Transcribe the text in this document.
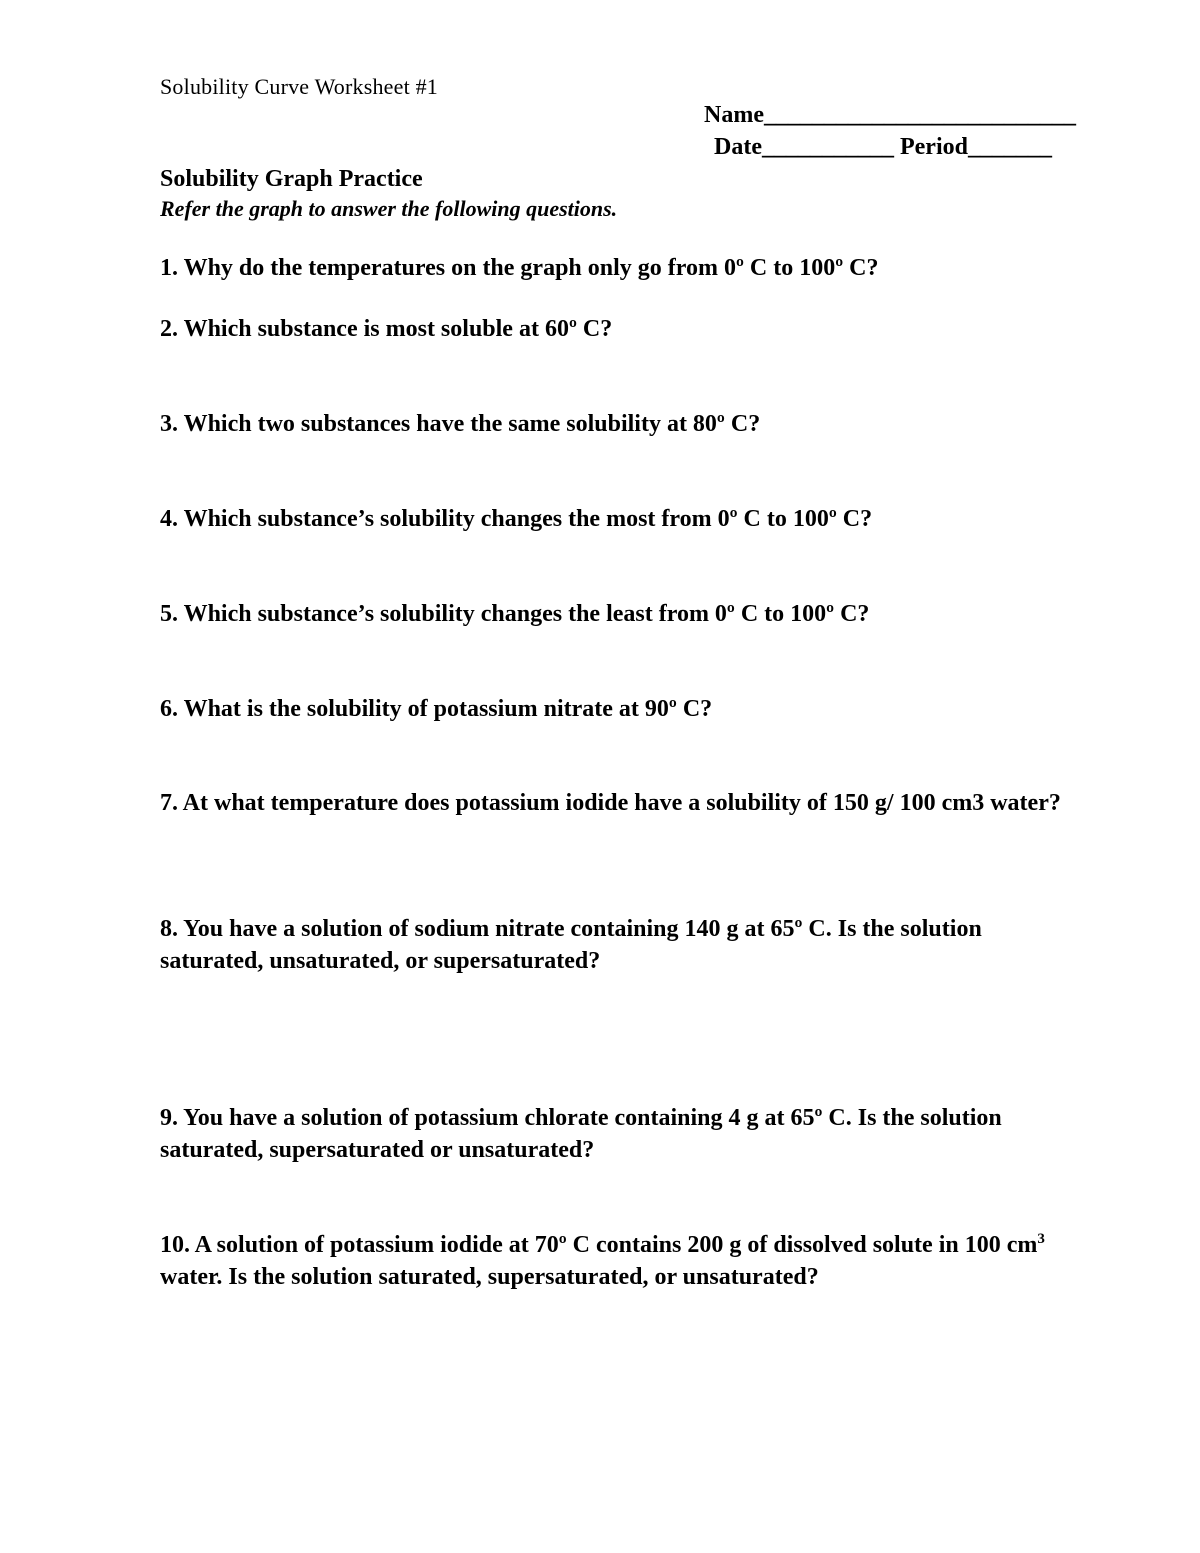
Solubility Curve Worksheet #1
Name__________________________
Date___________ Period_______
Solubility Graph Practice
Refer the graph to answer the following questions.
1. Why do the temperatures on the graph only go from 0º C to 100º C?
2. Which substance is most soluble at 60º C?
3. Which two substances have the same solubility at 80º C?
4. Which substance’s solubility changes the most from 0º C to 100º C?
5. Which substance’s solubility changes the least from 0º C to 100º C?
6. What is the solubility of potassium nitrate at 90º C?
7. At what temperature does potassium iodide have a solubility of 150 g/ 100 cm3 water?
8. You have a solution of sodium nitrate containing 140 g at 65º C. Is the solution saturated, unsaturated, or supersaturated?
9. You have a solution of potassium chlorate containing 4 g at 65º C. Is the solution saturated, supersaturated or unsaturated?
10. A solution of potassium iodide at 70º C contains 200 g of dissolved solute in 100 $cm^3$ water. Is the solution saturated, supersaturated, or unsaturated?
